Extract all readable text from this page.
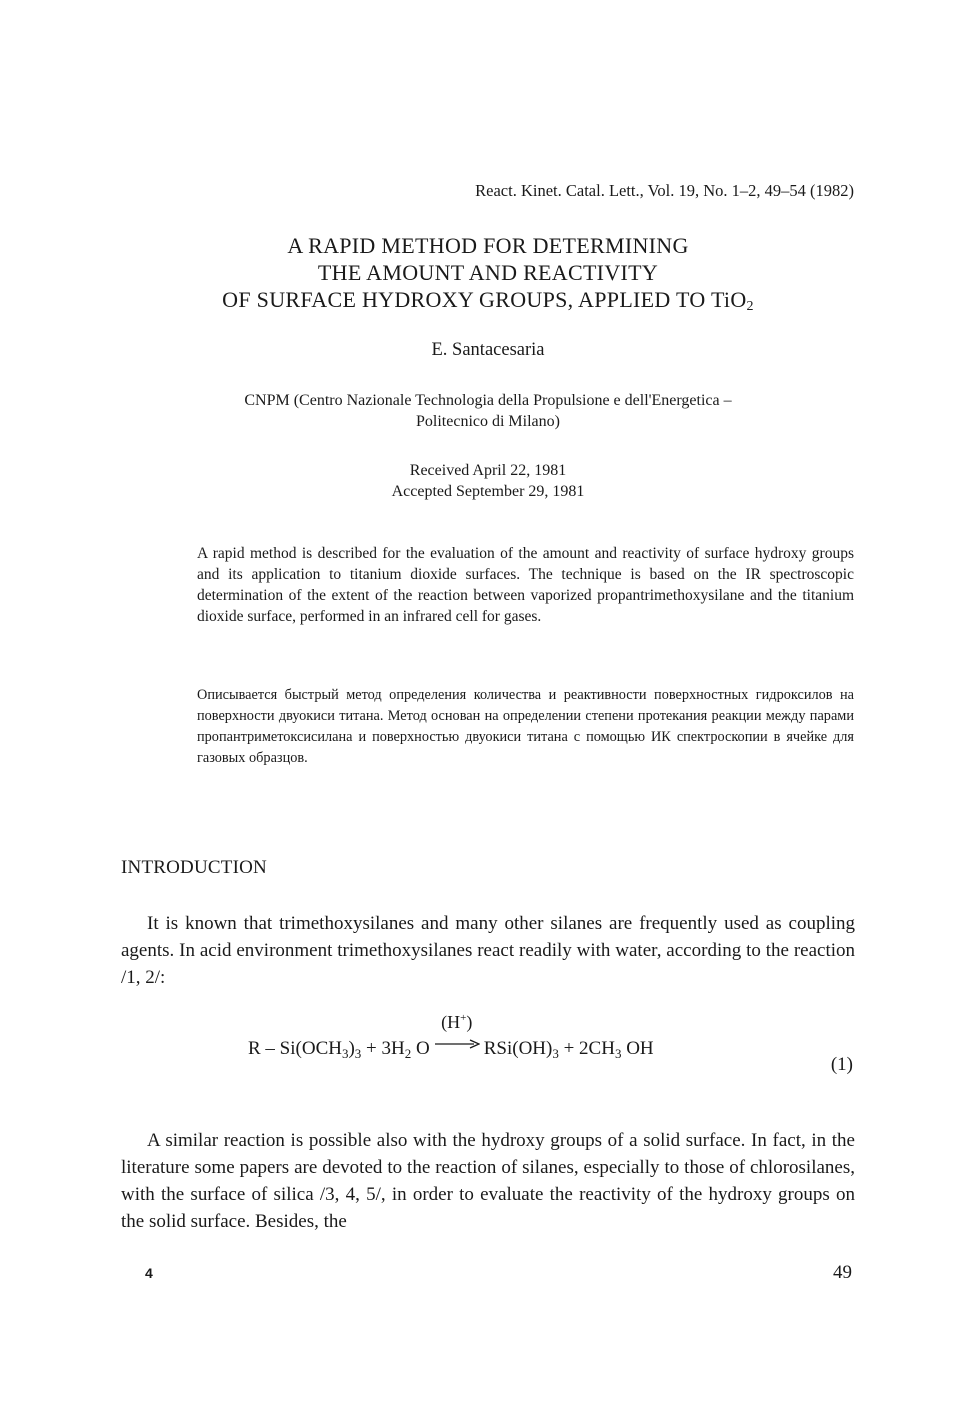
React. Kinet. Catal. Lett., Vol. 19, No. 1–2, 49–54 (1982)
A RAPID METHOD FOR DETERMINING
THE AMOUNT AND REACTIVITY
OF SURFACE HYDROXY GROUPS, APPLIED TO TiO$_2$
E. Santacesaria
CNPM (Centro Nazionale Technologia della Propulsione e dell'Energetica –
Politecnico di Milano)
Received April 22, 1981
Accepted September 29, 1981
A rapid method is described for the evaluation of the amount and reactivity of surface hydroxy groups and its application to titanium dioxide surfaces. The technique is based on the IR spectroscopic determination of the extent of the reaction between vaporized propantrimethoxysilane and the titanium dioxide surface, performed in an infrared cell for gases.
Описывается быстрый метод определения количества и реактивности поверхностных гидроксилов на поверхности двуокиси титана. Метод основан на определении степени протекания реакции между парами пропантриметоксисилана и поверхностью двуокиси титана с помощью ИК спектроскопии в ячейке для газовых образцов.
INTRODUCTION
It is known that trimethoxysilanes and many other silanes are frequently used as coupling agents. In acid environment trimethoxysilanes react readily with water, according to the reaction /1, 2/:
$R - Si(OCH_3)_3 + 3H_2$ O
(H+)
$RSi(OH)_3 + 2CH_3$ OH
(1)
A similar reaction is possible also with the hydroxy groups of a solid surface. In fact, in the literature some papers are devoted to the reaction of silanes, especially to those of chlorosilanes, with the surface of silica /3, 4, 5/, in order to evaluate the reactivity of the hydroxy groups on the solid surface. Besides, the
4	49
